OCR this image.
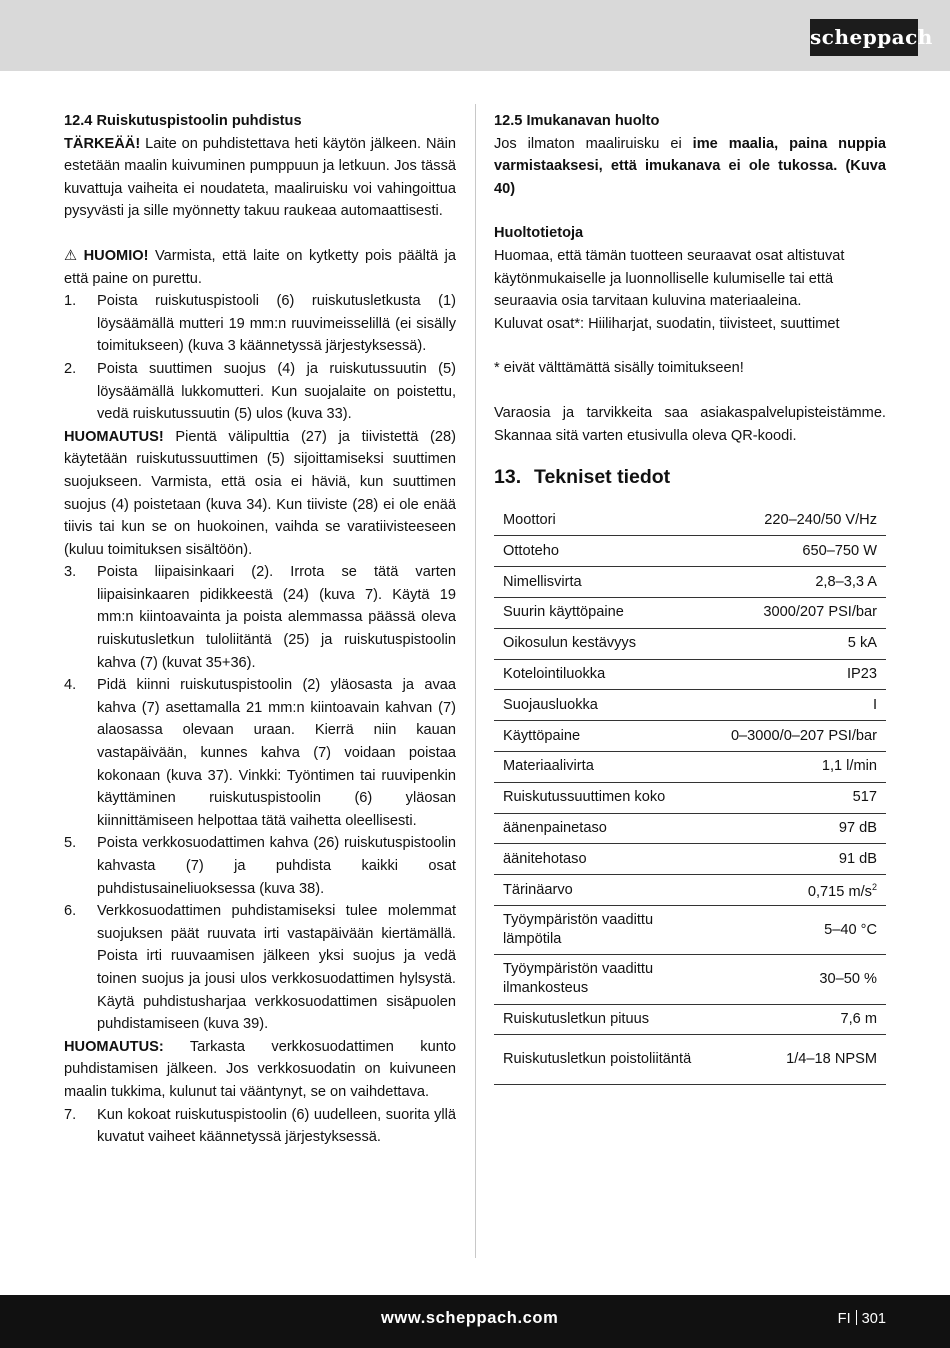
scheppach
12.4 Ruiskutuspistoolin puhdistus

TÄRKEÄÄ! Laite on puhdistettava heti käytön jälkeen. Näin estetään maalin kuivuminen pumppuun ja letkuun. Jos tässä kuvattuja vaiheita ei noudateta, maaliruisku voi vahingoittua pysyvästi ja sille myönnetty takuu raukeaa automaattisesti.

⚠ HUOMIO! Varmista, että laite on kytketty pois päältä ja että paine on purettu.

1. Poista ruiskutuspistooli (6) ruiskutusletkusta (1) löysäämällä mutteri 19 mm:n ruuvimeisselillä (ei sisälly toimitukseen) (kuva 3 käännetyssä järjestyksessä).
2. Poista suuttimen suojus (4) ja ruiskutussuutin (5) löysäämällä lukkomutteri. Kun suojalaite on poistettu, vedä ruiskutussuutin (5) ulos (kuva 33).

HUOMAUTUS! Pientä välipulttia (27) ja tiivistettä (28) käytetään ruiskutussuuttimen (5) sijoittamiseksi suuttimen suojukseen. Varmista, että osia ei häviä, kun suuttimen suojus (4) poistetaan (kuva 34). Kun tiiviste (28) ei ole enää tiivis tai kun se on huokoinen, vaihda se varatiivisteeseen (kuluu toimituksen sisältöön).

3. Poista liipaisinkaari (2). Irrota se tätä varten liipaisinkaaren pidikkeestä (24) (kuva 7). Käytä 19 mm:n kiintoavainta ja poista alemmassa päässä oleva ruiskutusletkun tuloliitäntä (25) ja ruiskutuspistoolin kahva (7) (kuvat 35+36).
4. Pidä kiinni ruiskutuspistoolin (2) yläosasta ja avaa kahva (7) asettamalla 21 mm:n kiintoavain kahvan (7) alaosassa olevaan uraan. Kierrä niin kauan vastapäivään, kunnes kahva (7) voidaan poistaa kokonaan (kuva 37). Vinkki: Työntimen tai ruuvipenkin käyttäminen ruiskutuspistoolin (6) yläosan kiinnittämiseen helpottaa tätä vaihetta oleellisesti.
5. Poista verkkosuodattimen kahva (26) ruiskutuspistoolin kahvasta (7) ja puhdista kaikki osat puhdistusaineliuoksessa (kuva 38).
6. Verkkosuodattimen puhdistamiseksi tulee molemmat suojuksen päät ruuvata irti vastapäivään kiertämällä. Poista irti ruuvaamisen jälkeen yksi suojus ja vedä toinen suojus ja jousi ulos verkkosuodattimen hylsystä. Käytä puhdistusharjaa verkkosuodattimen sisäpuolen puhdistamiseen (kuva 39).

HUOMAUTUS: Tarkasta verkkosuodattimen kunto puhdistamisen jälkeen. Jos verkkosuodatin on kuivuneen maalin tukkima, kulunut tai vääntynyt, se on vaihdettava.

7. Kun kokoat ruiskutuspistoolin (6) uudelleen, suorita yllä kuvatut vaiheet käännetyssä järjestyksessä.
12.5 Imukanavan huolto

Jos ilmaton maaliruisku ei ime maalia, paina nuppia varmistaaksesi, että imukanava ei ole tukossa. (Kuva 40)

Huoltotietoja

Huomaa, että tämän tuotteen seuraavat osat altistuvat käytönmukaiselle ja luonnolliselle kulumiselle tai että seuraavia osia tarvitaan kuluvina materiaaleina.

Kuluvat osat*: Hiiliharjat, suodatin, tiivisteet, suuttimet

* eivät välttämättä sisälly toimitukseen!

Varaosia ja tarvikkeita saa asiakaspalvelupisteistämme. Skannaa sitä varten etusivulla oleva QR-koodi.

13. Tekniset tiedot
Moottori	220–240/50 V/Hz
Ottoteho	650–750 W
Nimellisvirta	2,8–3,3 A
Suurin käyttöpaine	3000/207 PSI/bar
Oikosulun kestävyys	5 kA
Kotelointiluokka	IP23
Suojausluokka	I
Käyttöpaine	0–3000/0–207 PSI/bar
Materiaalivirta	1,1 l/min
Ruiskutussuuttimen koko	517
äänenpainetaso	97 dB
äänitehotaso	91 dB
Tärinäarvo	0,715 $m/s^2$
Työympäristön vaadittu lämpötila	5–40 °C
Työympäristön vaadittu ilmankosteus	30–50 %
Ruiskutusletkun pituus	7,6 m
Ruiskutusletkun poistoliitäntä	1/4–18 NPSM
www.scheppach.com	FI 301
